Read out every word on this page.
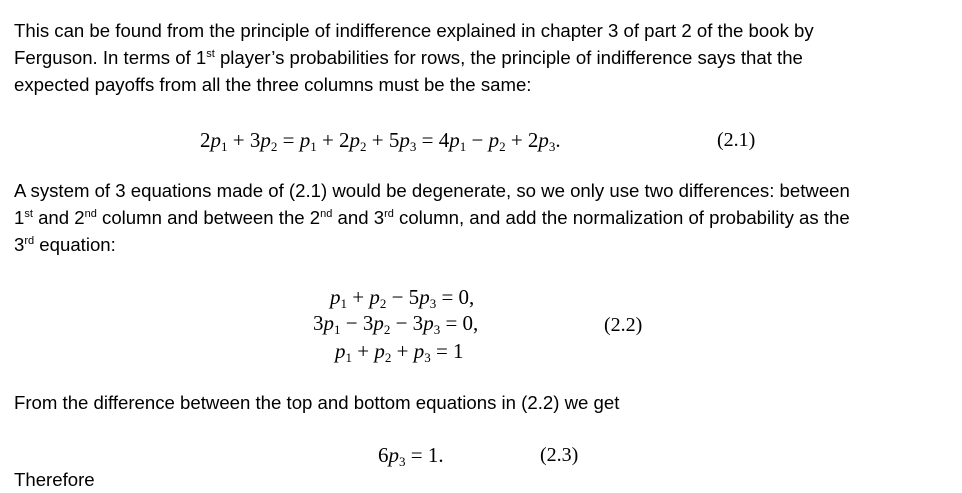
This can be found from the principle of indifference explained in chapter 3 of part 2 of the book by

Ferguson. In terms of 1st player’s probabilities for rows, the principle of indifference says that the

expected payoffs from all the three columns must be the same:

$2p_1 + 3p_2 = p_1 + 2p_2 + 5p_3 = 4p_1 - p_2 + 2p_3$.	(2.1)

A system of 3 equations made of (2.1) would be degenerate, so we only use two differences: between

1st and 2nd column and between the 2nd and 3rd column, and add the normalization of probability as the

3rd equation:

$p_1 + p_2 - 5p_3 = 0$,
$3p_1 - 3p_2 - 3p_3 = 0$,
$p_1 + p_2 + p_3 = 1$
(2.2)

From the difference between the top and bottom equations in (2.2) we get

$6p_3 = 1$.	(2.3)
Therefore
